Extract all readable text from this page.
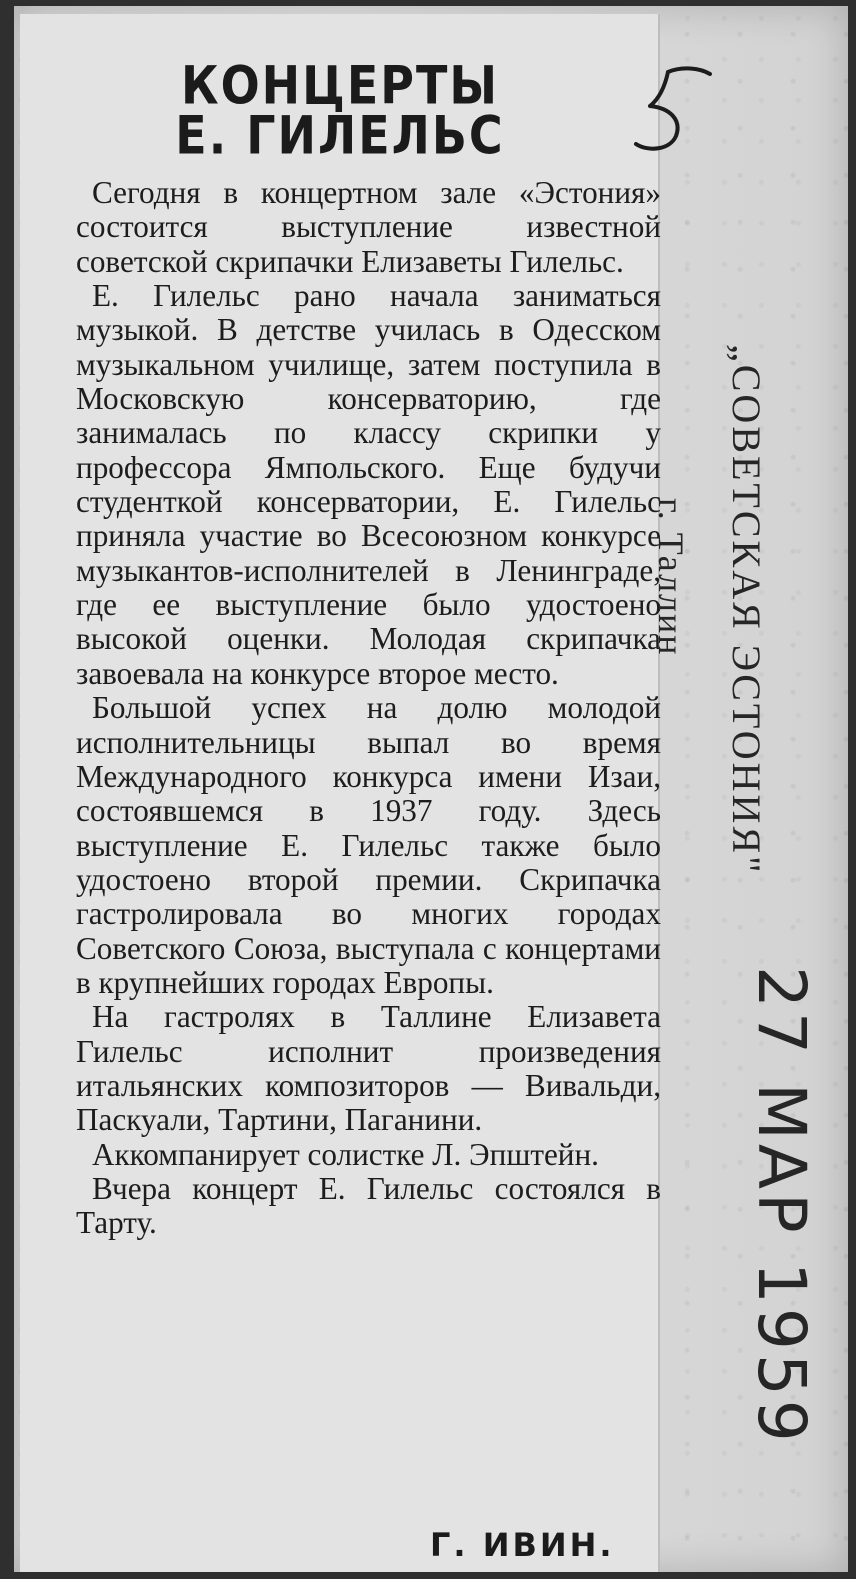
КОНЦЕРТЫ
Е. ГИЛЕЛЬС

Сегодня в концертном зале «Эстония» состоится выступление известной советской скрипачки Елизаветы Гилельс.

Е. Гилельс рано начала заниматься музыкой. В детстве училась в Одесском музыкальном училище, затем поступила в Московскую консерваторию, где занималась по классу скрипки у профессора Ямпольского. Еще будучи студенткой консерватории, Е. Гилельс приняла участие во Всесоюзном конкурсе музыкантов-исполнителей в Ленинграде, где ее выступление было удостоено высокой оценки. Молодая скрипачка завоевала на конкурсе второе место.

Большой успех на долю молодой исполнительницы выпал во время Международного конкурса имени Изаи, состоявшемся в 1937 году. Здесь выступление Е. Гилельс также было удостоено второй премии. Скрипачка гастролировала во многих городах Советского Союза, выступала с концертами в крупнейших городах Европы.

На гастролях в Таллине Елизавета Гилельс исполнит произведения итальянских композиторов — Вивальди, Паскуали, Тартини, Паганини.

Аккомпанирует солистке Л. Эпштейн.

Вчера концерт Е. Гилельс состоялся в Тарту.

Г. ИВИН.
„СОВЕТСКАЯ ЭСТОНИЯ"
г. Таллин
27 МАР 1959
